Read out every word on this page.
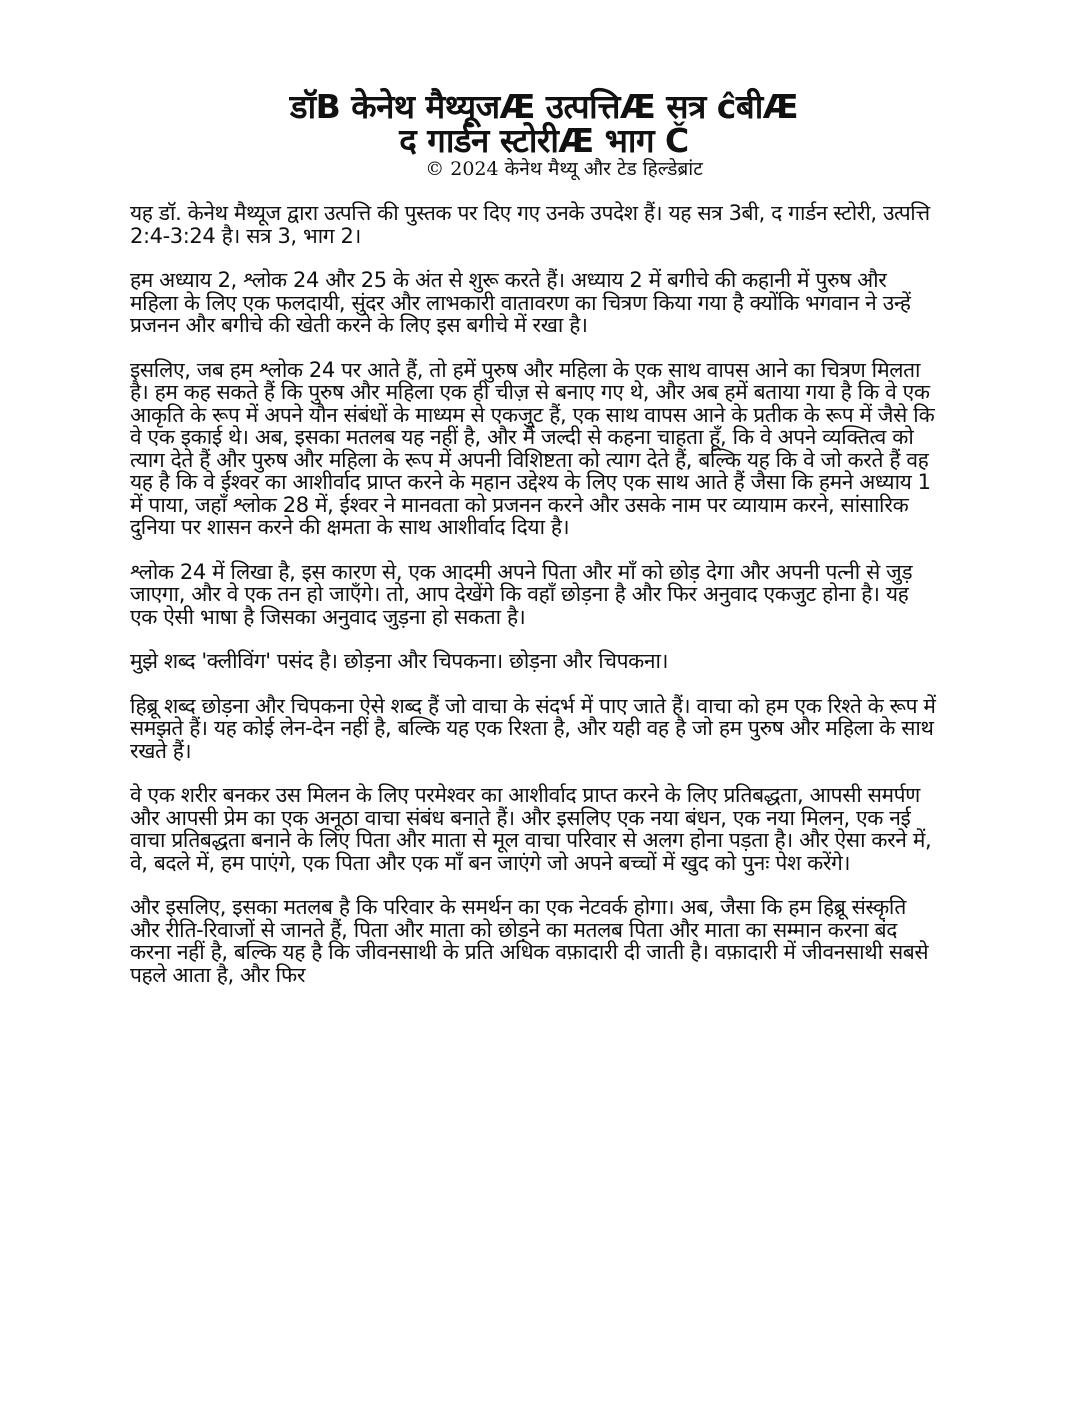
डॉB केनेथ मैथ्यूजÆ उत्पत्तिÆ सत्र ĉबीÆ
द गार्डन स्टोरीÆ भाग Č

© 2024 केनेथ मैथ्यू और टेड हिल्डेब्रांट

यह डॉ. केनेथ मैथ्यूज द्वारा उत्पत्ति की पुस्तक पर दिए गए उनके उपदेश हैं। यह सत्र 3बी, द गार्डन स्टोरी, उत्पत्ति 2:4-3:24 है। सत्र 3, भाग 2।

हम अध्याय 2, श्लोक 24 और 25 के अंत से शुरू करते हैं। अध्याय 2 में बगीचे की कहानी में पुरुष और महिला के लिए एक फलदायी, सुंदर और लाभकारी वातावरण का चित्रण किया गया है क्योंकि भगवान ने उन्हें प्रजनन और बगीचे की खेती करने के लिए इस बगीचे में रखा है।

इसलिए, जब हम श्लोक 24 पर आते हैं, तो हमें पुरुष और महिला के एक साथ वापस आने का चित्रण मिलता है। हम कह सकते हैं कि पुरुष और महिला एक ही चीज़ से बनाए गए थे, और अब हमें बताया गया है कि वे एक आकृति के रूप में अपने यौन संबंधों के माध्यम से एकजुट हैं, एक साथ वापस आने के प्रतीक के रूप में जैसे कि वे एक इकाई थे। अब, इसका मतलब यह नहीं है, और मैं जल्दी से कहना चाहता हूँ, कि वे अपने व्यक्तित्व को त्याग देते हैं और पुरुष और महिला के रूप में अपनी विशिष्टता को त्याग देते हैं, बल्कि यह कि वे जो करते हैं वह यह है कि वे ईश्वर का आशीर्वाद प्राप्त करने के महान उद्देश्य के लिए एक साथ आते हैं जैसा कि हमने अध्याय 1 में पाया, जहाँ श्लोक 28 में, ईश्वर ने मानवता को प्रजनन करने और उसके नाम पर व्यायाम करने, सांसारिक दुनिया पर शासन करने की क्षमता के साथ आशीर्वाद दिया है।

श्लोक 24 में लिखा है, इस कारण से, एक आदमी अपने पिता और माँ को छोड़ देगा और अपनी पत्नी से जुड़ जाएगा, और वे एक तन हो जाएँगे। तो, आप देखेंगे कि वहाँ छोड़ना है और फिर अनुवाद एकजुट होना है। यह एक ऐसी भाषा है जिसका अनुवाद जुड़ना हो सकता है।

मुझे शब्द 'क्लीविंग' पसंद है। छोड़ना और चिपकना। छोड़ना और चिपकना।

हिब्रू शब्द छोड़ना और चिपकना ऐसे शब्द हैं जो वाचा के संदर्भ में पाए जाते हैं। वाचा को हम एक रिश्ते के रूप में समझते हैं। यह कोई लेन-देन नहीं है, बल्कि यह एक रिश्ता है, और यही वह है जो हम पुरुष और महिला के साथ रखते हैं।

वे एक शरीर बनकर उस मिलन के लिए परमेश्वर का आशीर्वाद प्राप्त करने के लिए प्रतिबद्धता, आपसी समर्पण और आपसी प्रेम का एक अनूठा वाचा संबंध बनाते हैं। और इसलिए एक नया बंधन, एक नया मिलन, एक नई वाचा प्रतिबद्धता बनाने के लिए पिता और माता से मूल वाचा परिवार से अलग होना पड़ता है। और ऐसा करने में, वे, बदले में, हम पाएंगे, एक पिता और एक माँ बन जाएंगे जो अपने बच्चों में खुद को पुनः पेश करेंगे।

और इसलिए, इसका मतलब है कि परिवार के समर्थन का एक नेटवर्क होगा। अब, जैसा कि हम हिब्रू संस्कृति और रीति-रिवाजों से जानते हैं, पिता और माता को छोड़ने का मतलब पिता और माता का सम्मान करना बंद करना नहीं है, बल्कि यह है कि जीवनसाथी के प्रति अधिक वफ़ादारी दी जाती है। वफ़ादारी में जीवनसाथी सबसे पहले आता है, और फिर
